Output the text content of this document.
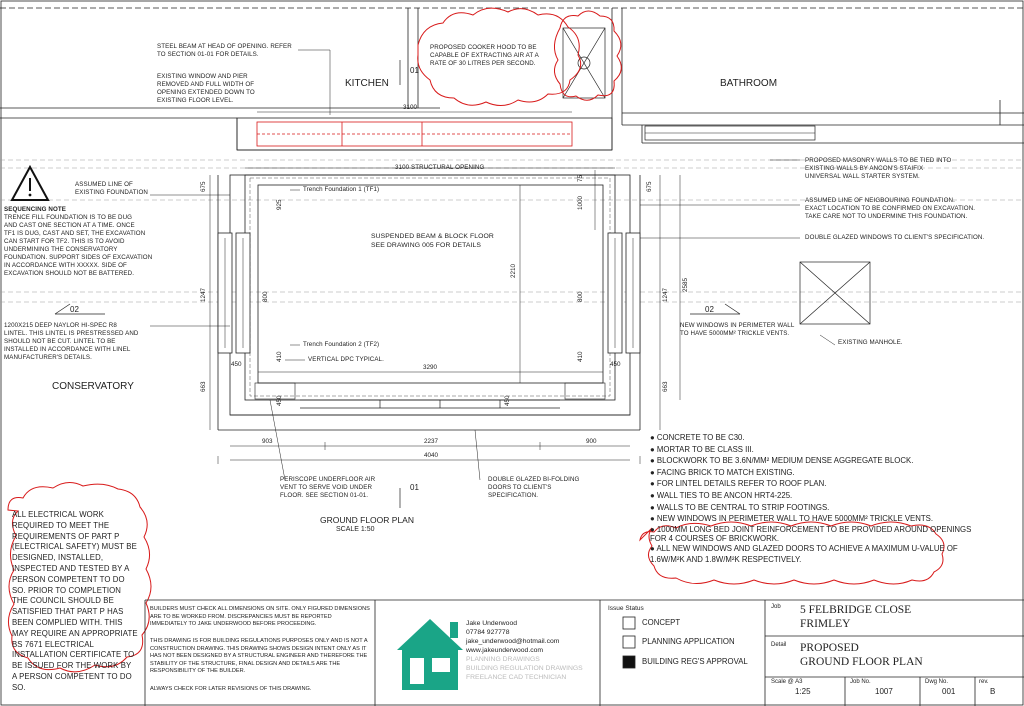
KITCHEN	BATHROOM
CONSERVATORY
GROUND FLOOR PLAN
SCALE 1:50
01
01
02	02
STEEL BEAM AT HEAD OF OPENING. REFER
TO SECTION 01-01 FOR DETAILS.
EXISTING WINDOW AND PIER
REMOVED AND FULL WIDTH OF
OPENING EXTENDED DOWN TO
EXISTING FLOOR LEVEL.
PROPOSED COOKER HOOD TO BE
CAPABLE OF EXTRACTING AIR AT A
RATE OF 30 LITRES PER SECOND.
PROPOSED MASONRY WALLS TO BE TIED INTO
EXISTING WALLS BY ANCON'S STAIFIX
UNIVERSAL WALL STARTER SYSTEM.
ASSUMED LINE OF NEIGBOURING FOUNDATION.
EXACT LOCATION TO BE CONFIRMED ON EXCAVATION.
TAKE CARE NOT TO UNDERMINE THIS FOUNDATION.
DOUBLE GLAZED WINDOWS TO CLIENT'S SPECIFICATION.
ASSUMED LINE OF
EXISTING FOUNDATION
SEQUENCING NOTE
TRENCE FILL FOUNDATION IS TO BE DUG
AND CAST ONE SECTION AT A TIME. ONCE
TF1 IS DUG, CAST AND SET, THE EXCAVATION
CAN START FOR TF2. THIS IS TO AVOID
UNDERMINING THE CONSERVATORY
FOUNDATION. SUPPORT SIDES OF EXCAVATION
IN ACCORDANCE WITH XXXXX. SIDE OF
EXCAVATION SHOULD NOT BE BATTERED.
1200X215 DEEP NAYLOR HI-SPEC R8
LINTEL. THIS LINTEL IS PRESTRESSED AND
SHOULD NOT BE CUT. LINTEL TO BE
INSTALLED IN ACCORDANCE WITH LINEL
MANUFACTURER'S DETAILS.
Trench Foundation 1 (TF1)
Trench Foundation 2 (TF2)
VERTICAL DPC TYPICAL.
SUSPENDED BEAM & BLOCK FLOOR
SEE DRAWING 005 FOR DETAILS
3100 STRUCTURAL OPENING
NEW WINDOWS IN PERIMETER WALL
TO HAVE 5000MM² TRICKLE VENTS.
EXISTING MANHOLE.
PERISCOPE UNDERFLOOR AIR
VENT TO SERVE VOID UNDER
FLOOR. SEE SECTION 01-01.
DOUBLE GLAZED BI-FOLDING
DOORS TO CLIENT'S
SPECIFICATION.
ALL ELECTRICAL WORK
REQUIRED TO MEET THE
REQUIREMENTS OF PART P
(ELECTRICAL SAFETY) MUST BE
DESIGNED, INSTALLED,
INSPECTED AND TESTED BY A
PERSON COMPETENT TO DO
SO. PRIOR TO COMPLETION
THE COUNCIL SHOULD BE
SATISFIED THAT PART P HAS
BEEN COMPLIED WITH. THIS
MAY REQUIRE AN APPROPRIATE
BS 7671 ELECTRICAL
INSTALLATION CERTIFICATE TO
BE ISSUED FOR THE WORK BY
A PERSON COMPETENT TO DO
SO.
3100
3290
903	2237	900
4040
450	450
675
925
1247	800
410
663
450	450
2210
75
1000
800
410
675
1247
2585
663
● CONCRETE TO BE C30.
● MORTAR TO BE CLASS III.
● BLOCKWORK TO BE 3.6N/MM² MEDIUM DENSE AGGREGATE BLOCK.
● FACING BRICK TO MATCH EXISTING.
● FOR LINTEL DETAILS REFER TO ROOF PLAN.
● WALL TIES TO BE ANCON HRT4-225.
● WALLS TO BE CENTRAL TO STRIP FOOTINGS.
● NEW WINDOWS IN PERIMETER WALL TO HAVE 5000MM² TRICKLE VENTS.
● 1000MM LONG BED JOINT REINFORCEMENT TO BE PROVIDED AROUND OPENINGS FOR 4 COURSES OF BRICKWORK.
● ALL NEW WINDOWS AND GLAZED DOORS TO ACHIEVE A MAXIMUM U-VALUE OF 1.6W/M²K AND 1.8W/M²K RESPECTIVELY.
BUILDERS MUST CHECK ALL DIMENSIONS ON SITE. ONLY FIGURED DIMENSIONS ARE TO BE WORKED FROM. DISCREPANCIES MUST BE REPORTED IMMEDIATELY TO JAKE UNDERWOOD BEFORE PROCEEDING.
THIS DRAWING IS FOR BUILDING REGULATIONS PURPOSES ONLY AND IS NOT A CONSTRUCTION DRAWING. THIS DRAWING SHOWS DESIGN INTENT ONLY AS IT HAS NOT BEEN DESIGNED BY A STRUCTURAL ENGINEER AND THEREFORE THE STABILITY OF THE STRUCTURE, FINAL DESIGN AND DETAILS ARE THE RESPONSIBILITY OF THE BUILDER.
ALWAYS CHECK FOR LATER REVISIONS OF THIS DRAWING.
Jake Underwood
07784 927778
jake_underwood@hotmail.com
www.jakeunderwood.com
PLANNING DRAWINGS
BUILDING REGULATION DRAWINGS
FREELANCE CAD TECHNICIAN
Issue Status
CONCEPT
PLANNING APPLICATION
BUILDING REG'S APPROVAL
Job 5 FELBRIDGE CLOSE
FRIMLEY
Detail PROPOSED
GROUND FLOOR PLAN
Scale @ A3
1:25
Job No.
1007
Dwg No.
001
rev.
B
